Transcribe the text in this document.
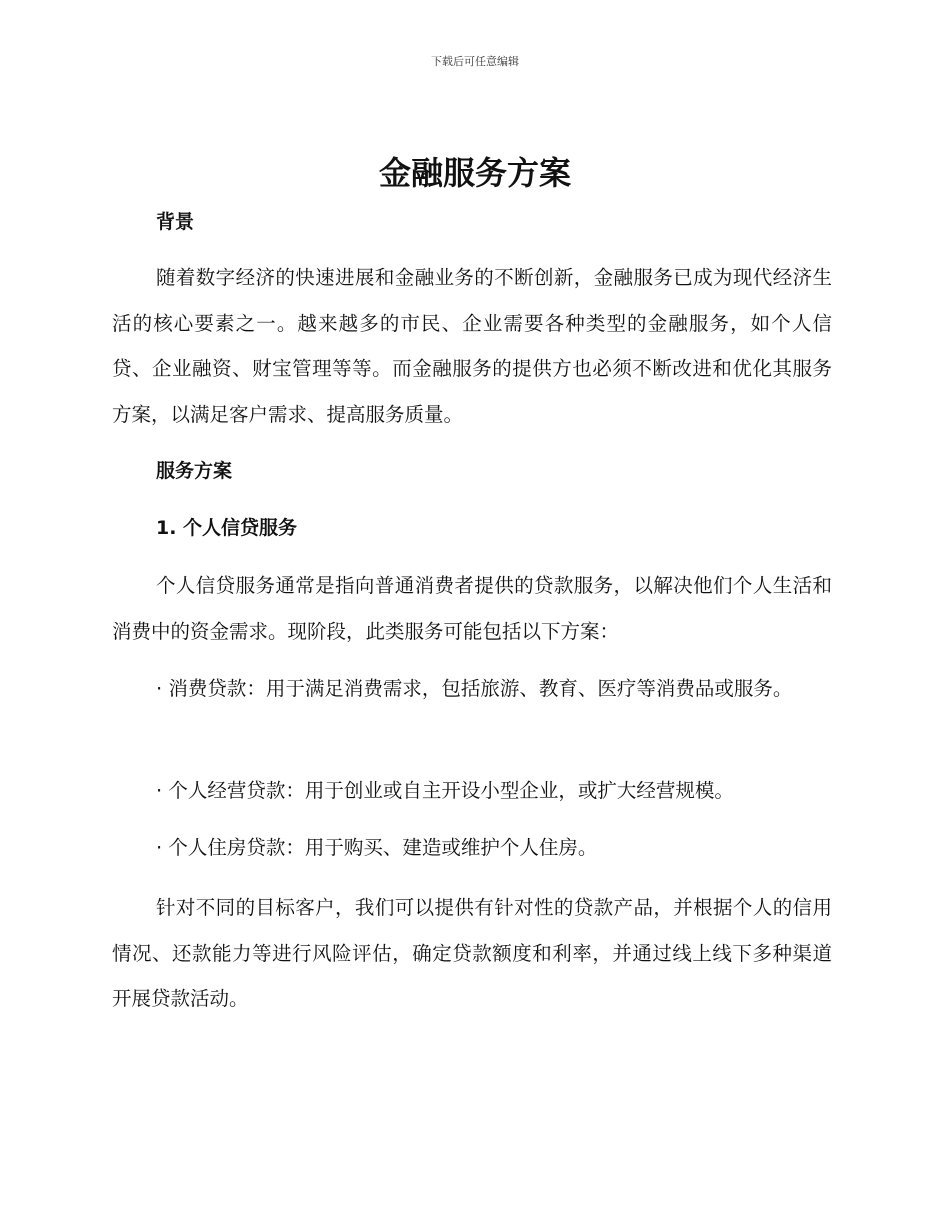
下载后可任意编辑
金融服务方案
背景

随着数字经济的快速进展和金融业务的不断创新，金融服务已成为现代经济生活的核心要素之一。越来越多的市民、企业需要各种类型的金融服务，如个人信贷、企业融资、财宝管理等等。而金融服务的提供方也必须不断改进和优化其服务方案，以满足客户需求、提高服务质量。

服务方案
1. 个人信贷服务

个人信贷服务通常是指向普通消费者提供的贷款服务，以解决他们个人生活和消费中的资金需求。现阶段，此类服务可能包括以下方案：

· 消费贷款：用于满足消费需求，包括旅游、教育、医疗等消费品或服务。

· 个人经营贷款：用于创业或自主开设小型企业，或扩大经营规模。

· 个人住房贷款：用于购买、建造或维护个人住房。

针对不同的目标客户，我们可以提供有针对性的贷款产品，并根据个人的信用情况、还款能力等进行风险评估，确定贷款额度和利率，并通过线上线下多种渠道开展贷款活动。
